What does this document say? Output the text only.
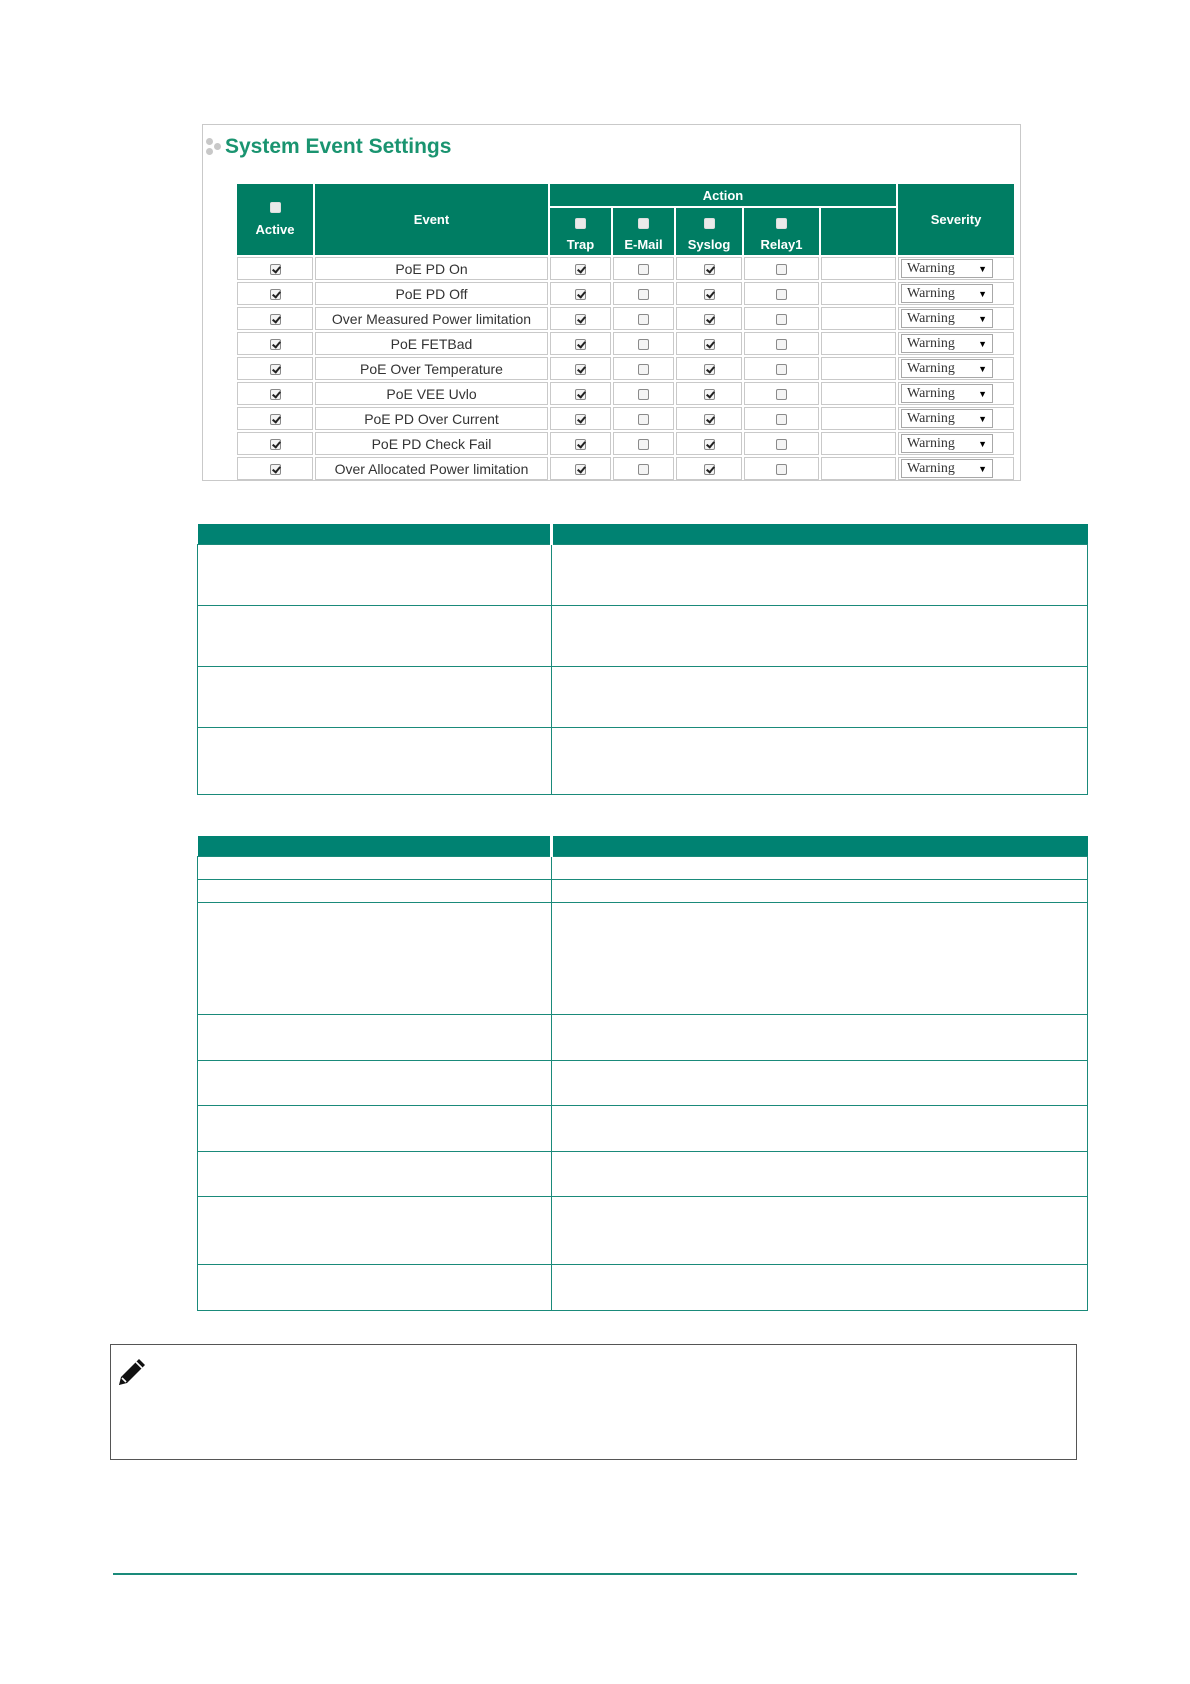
System Event Settings
Active	Event	Action					Severity

		Trap	E-Mail	Syslog	Relay1		

	PoE PD On						Warning ▼

	PoE PD Off						Warning ▼

	Over Measured Power limitation						Warning ▼

	PoE FETBad						Warning ▼

	PoE Over Temperature						Warning ▼

	PoE VEE Uvlo						Warning ▼

	PoE PD Over Current						Warning ▼

	PoE PD Check Fail						Warning ▼

	Over Allocated Power limitation						Warning ▼
